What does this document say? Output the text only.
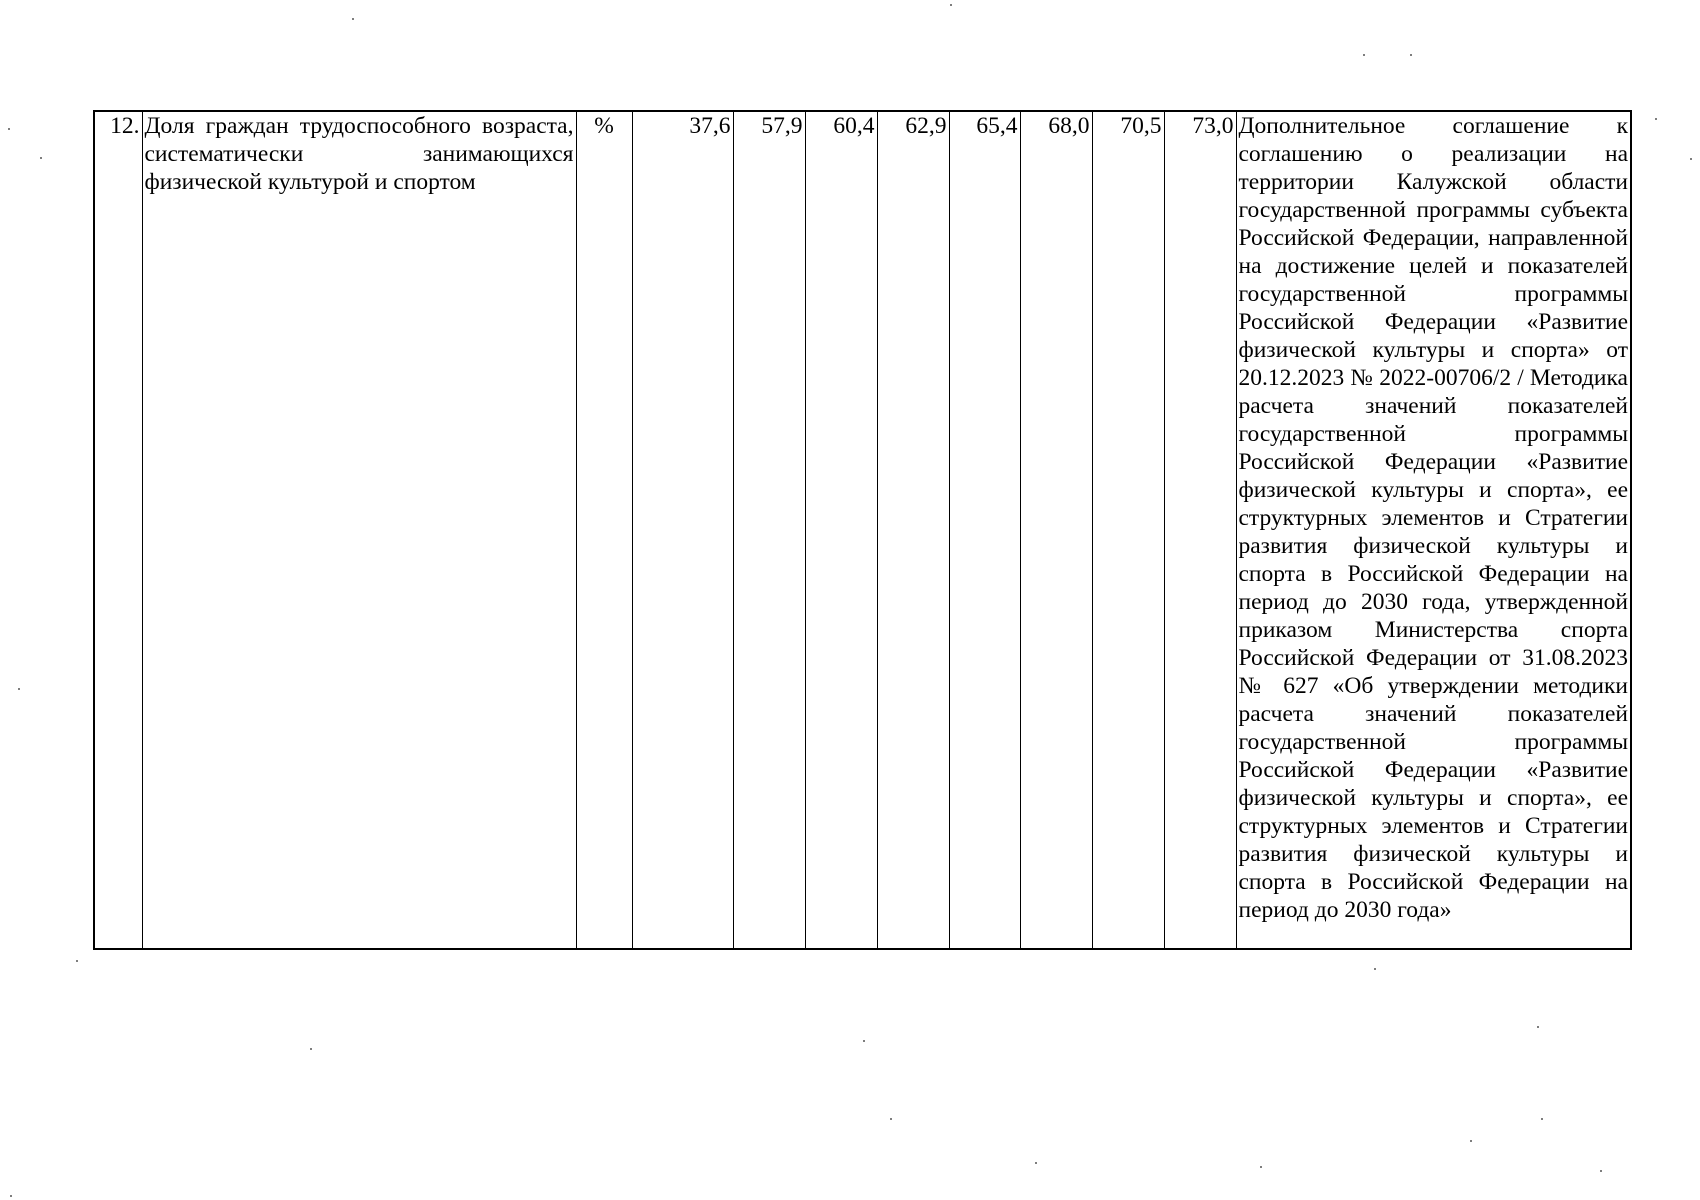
12.	Доля граждан трудоспособного возраста, систематически занимающихся физической культурой и спортом	%	37,6	57,9	60,4	62,9	65,4	68,0	70,5	73,0	Дополнительное соглашение к соглашению о реализации на территории Калужской области государственной программы субъекта Российской Федерации, направленной на достижение целей и показателей государственной программы Российской Федерации «Развитие физической культуры и спорта» от 20.12.2023 № 2022-00706/2 / Методика расчета значений показателей государственной программы Российской Федерации «Развитие физической культуры и спорта», ее структурных элементов и Стратегии развития физической культуры и спорта в Российской Федерации на период до 2030 года, утвержденной приказом Министерства спорта Российской Федерации от 31.08.2023 № 627 «Об утверждении методики расчета значений показателей государственной программы Российской Федерации «Развитие физической культуры и спорта», ее структурных элементов и Стратегии развития физической культуры и спорта в Российской Федерации на период до 2030 года»
